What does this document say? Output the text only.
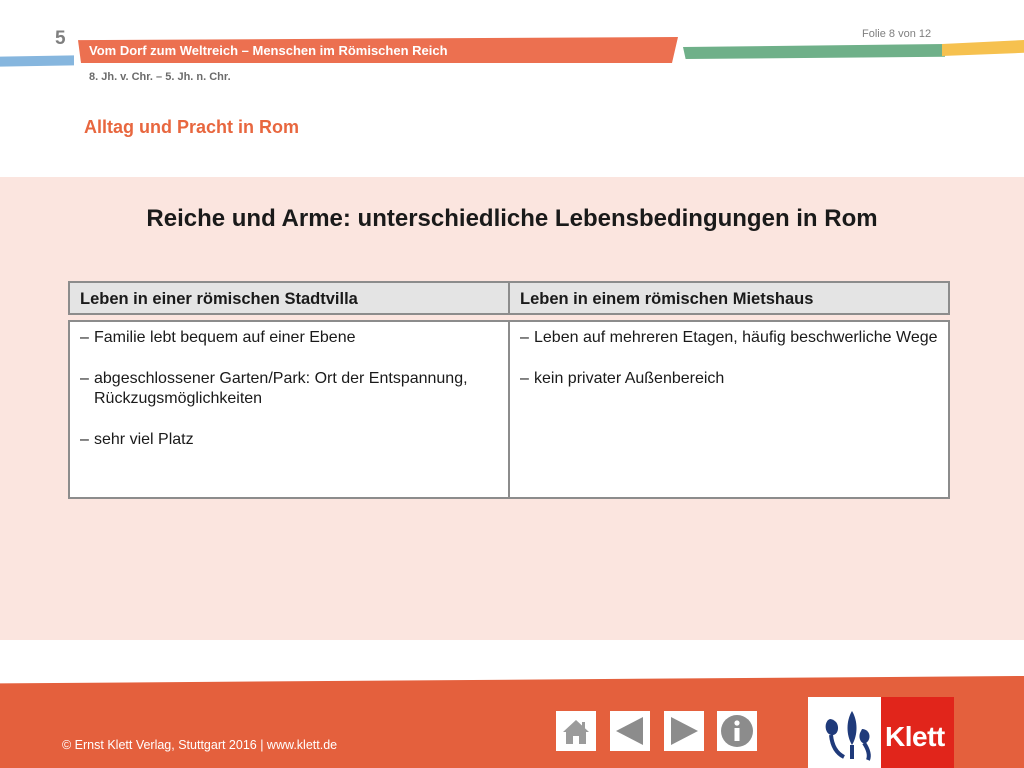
5
Vom Dorf zum Weltreich – Menschen im Römischen Reich
Folie 8 von 12
8. Jh. v. Chr. – 5. Jh. n. Chr.
Alltag und Pracht in Rom
Reiche und Arme: unterschiedliche Lebensbedingungen in Rom
Leben in einer römischen Stadtvilla	Leben in einem römischen Mietshaus
– Familie lebt bequem auf einer Ebene
– abgeschlossener Garten/Park: Ort der Entspannung, Rückzugsmöglichkeiten
– sehr viel Platz
– Leben auf mehreren Etagen, häufig beschwerliche Wege
– kein privater Außenbereich
© Ernst Klett Verlag, Stuttgart 2016 | www.klett.de	Klett
